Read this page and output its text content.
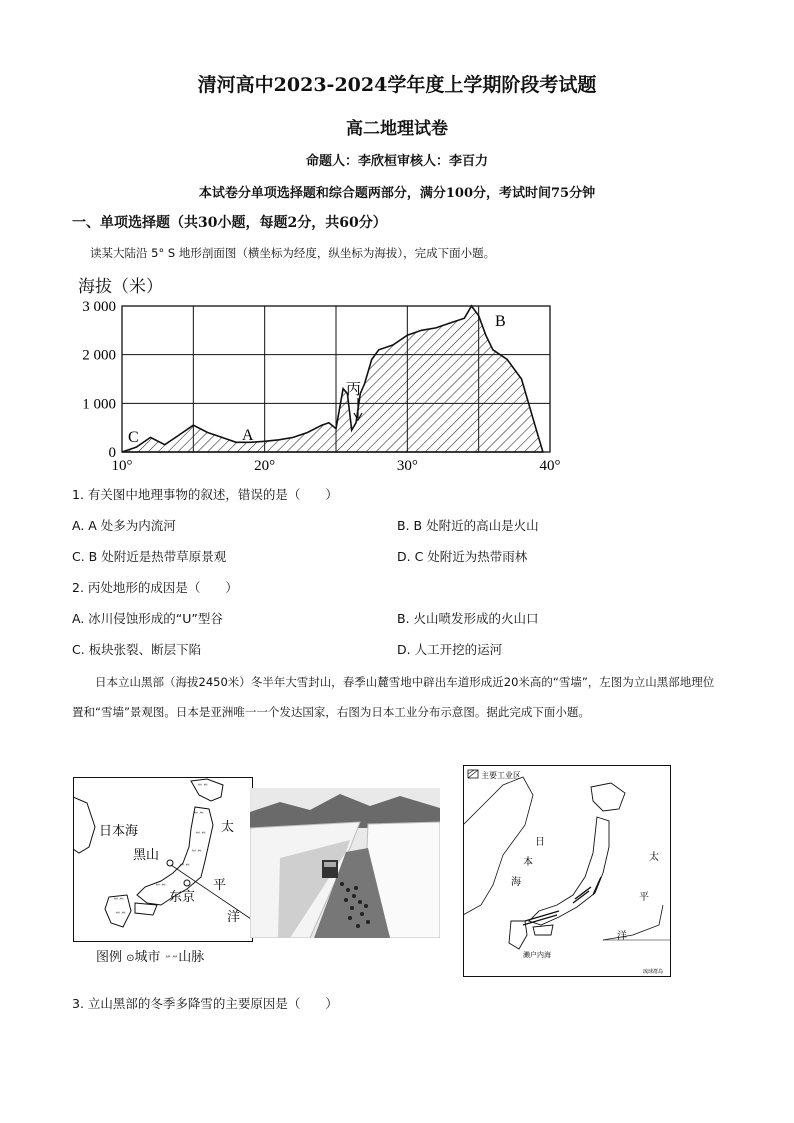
清河高中2023-2024学年度上学期阶段考试题
高二地理试卷
命题人：李欣桓审核人：李百力
本试卷分单项选择题和综合题两部分，满分100分，考试时间75分钟
一、单项选择题（共30小题，每题2分，共60分）
读某大陆沿 5° S 地形剖面图（横坐标为经度，纵坐标为海拔），完成下面小题。
海拔（米）
3 000
2 000
1 000
0
10°	20°	30°	40°
C	A
丙
B
1. 有关图中地理事物的叙述，错误的是（　　）
A. A 处多为内流河	B. B 处附近的高山是火山
C. B 处附近是热带草原景观	D. C 处附近为热带雨林
2. 丙处地形的成因是（　　）
A. 冰川侵蚀形成的“U”型谷	B. 火山喷发形成的火山口
C. 板块张裂、断层下陷	D. 人工开挖的运河
日本立山黑部（海拔2450米）冬半年大雪封山，春季山麓雪地中辟出车道形成近20米高的“雪墙”，左图为立山黑部地理位置和“雪墙”景观图。日本是亚洲唯一一个发达国家，右图为日本工业分布示意图。据此完成下面小题。
ᄴᄴ
ᄴᄴ
ᄴᄴ
ᄴᄴ
ᄴᄴ
ᄴᄴ
ᄴᄴ
ᄴᄴ
日本海
黑山
东京
太
平
洋
图例 ⊙城市 ᄴᄴ山脉
主要工业区
日
本
海
太
平
洋
濑户内海
琉球群岛
3. 立山黑部的冬季多降雪的主要原因是（　　）
